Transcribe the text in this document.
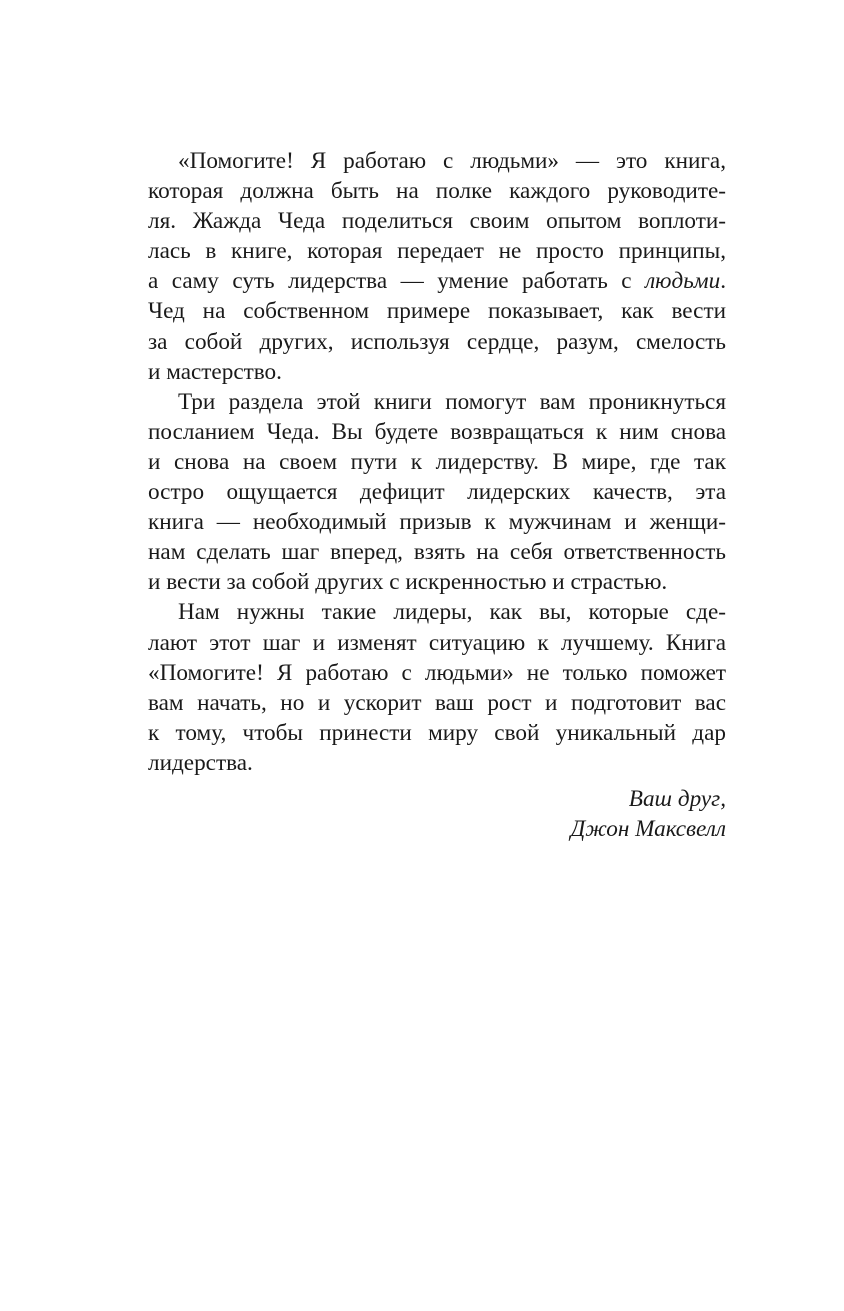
«Помогите! Я работаю с людьми» — это книга,
которая должна быть на полке каждого руководите-
ля. Жажда Чеда поделиться своим опытом воплоти-
лась в книге, которая передает не просто принципы,
а саму суть лидерства — умение работать с людьми.
Чед на собственном примере показывает, как вести
за собой других, используя сердце, разум, смелость
и мастерство.
Три раздела этой книги помогут вам проникнуться
посланием Чеда. Вы будете возвращаться к ним снова
и снова на своем пути к лидерству. В мире, где так
остро ощущается дефицит лидерских качеств, эта
книга — необходимый призыв к мужчинам и женщи-
нам сделать шаг вперед, взять на себя ответственность
и вести за собой других с искренностью и страстью.
Нам нужны такие лидеры, как вы, которые сде-
лают этот шаг и изменят ситуацию к лучшему. Книга
«Помогите! Я работаю с людьми» не только поможет
вам начать, но и ускорит ваш рост и подготовит вас
к тому, чтобы принести миру свой уникальный дар
лидерства.
Ваш друг,
Джон Максвелл
